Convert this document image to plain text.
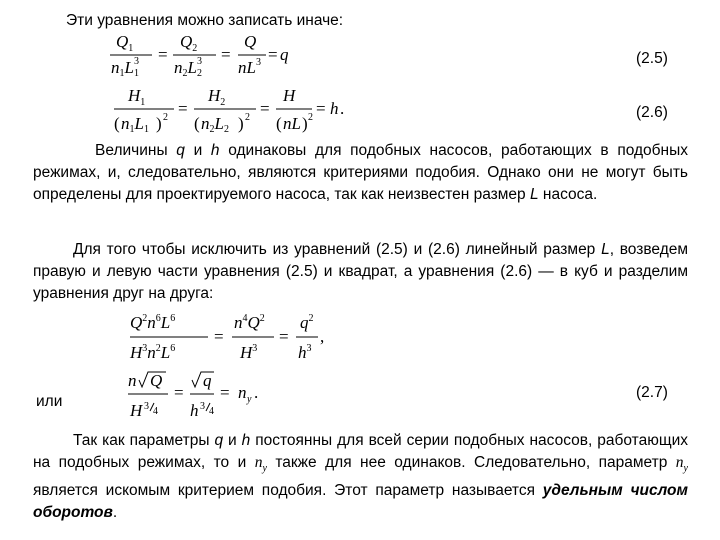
Эти уравнения можно записать иначе:
$Q_1$
n1L13 =
$Q_2$
n2L23 =
Q
$nL^3 = q$	(2.5)
$H_1$
( n1L1 ) 2 =
$H_2$
( n2L2 ) 2 =
H
( nL ) 2 = h .	(2.6)
Величины q и h одинаковы для подобных насосов, работающих в подобных режимах, и, следовательно, являются критериями подобия. Однако они не могут быть определены для проектируемого насоса, так как неизвестен размер L насоса.
Для того чтобы исключить из уравнений (2.5) и (2.6) линейный размер L, возведем правую и левую части уравнения (2.5) и квадрат, а уравнения (2.6) — в куб и разделим уравнения друг на друга:
$Q^2n^6L^6$
$H^3n^2L^6$
=
$n^4Q^2$
$H^3$
=
$q^2$
$h^3$
,
или
n Q
H 3 4
=
q
h 3 4
= n y .	(2.7)
Так как параметры q и h постоянны для всей серии подобных насосов, работающих на подобных режимах, то и $n_y$ также для нее одинаков. Следовательно, параметр $n_y$ является искомым критерием подобия. Этот параметр называется удельным числом оборотов.
